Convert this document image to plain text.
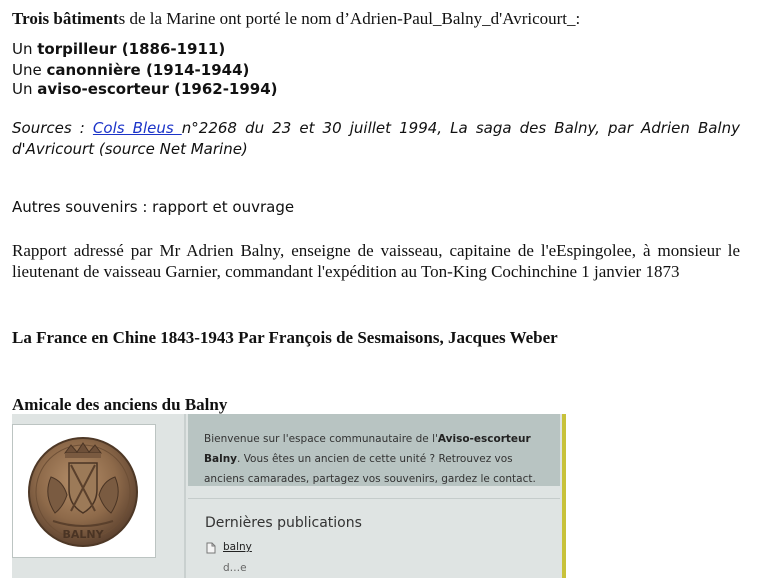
Trois bâtiments de la Marine ont porté le nom d’Adrien-Paul_Balny_d'Avricourt_:
Un torpilleur (1886-1911)
Une canonnière (1914-1944)
Un aviso-escorteur (1962-1994)
Sources : Cols Bleus n°2268 du 23 et 30 juillet 1994, La saga des Balny, par Adrien Balny d'Avricourt (source Net Marine)
Autres souvenirs : rapport et ouvrage
Rapport adressé par Mr Adrien Balny, enseigne de vaisseau, capitaine de l'eEspingolee, à monsieur le lieutenant de vaisseau Garnier, commandant l'expédition au Ton-King Cochinchine 1 janvier 1873
La France en Chine 1843-1943 Par François de Sesmaisons, Jacques Weber
Amicale des anciens du Balny
BALNY
Bienvenue sur l'espace communautaire de l'Aviso-escorteur Balny. Vous êtes un ancien de cette unité ? Retrouvez vos anciens camarades, partagez vos souvenirs, gardez le contact.
Dernières publications
balny
d…e
